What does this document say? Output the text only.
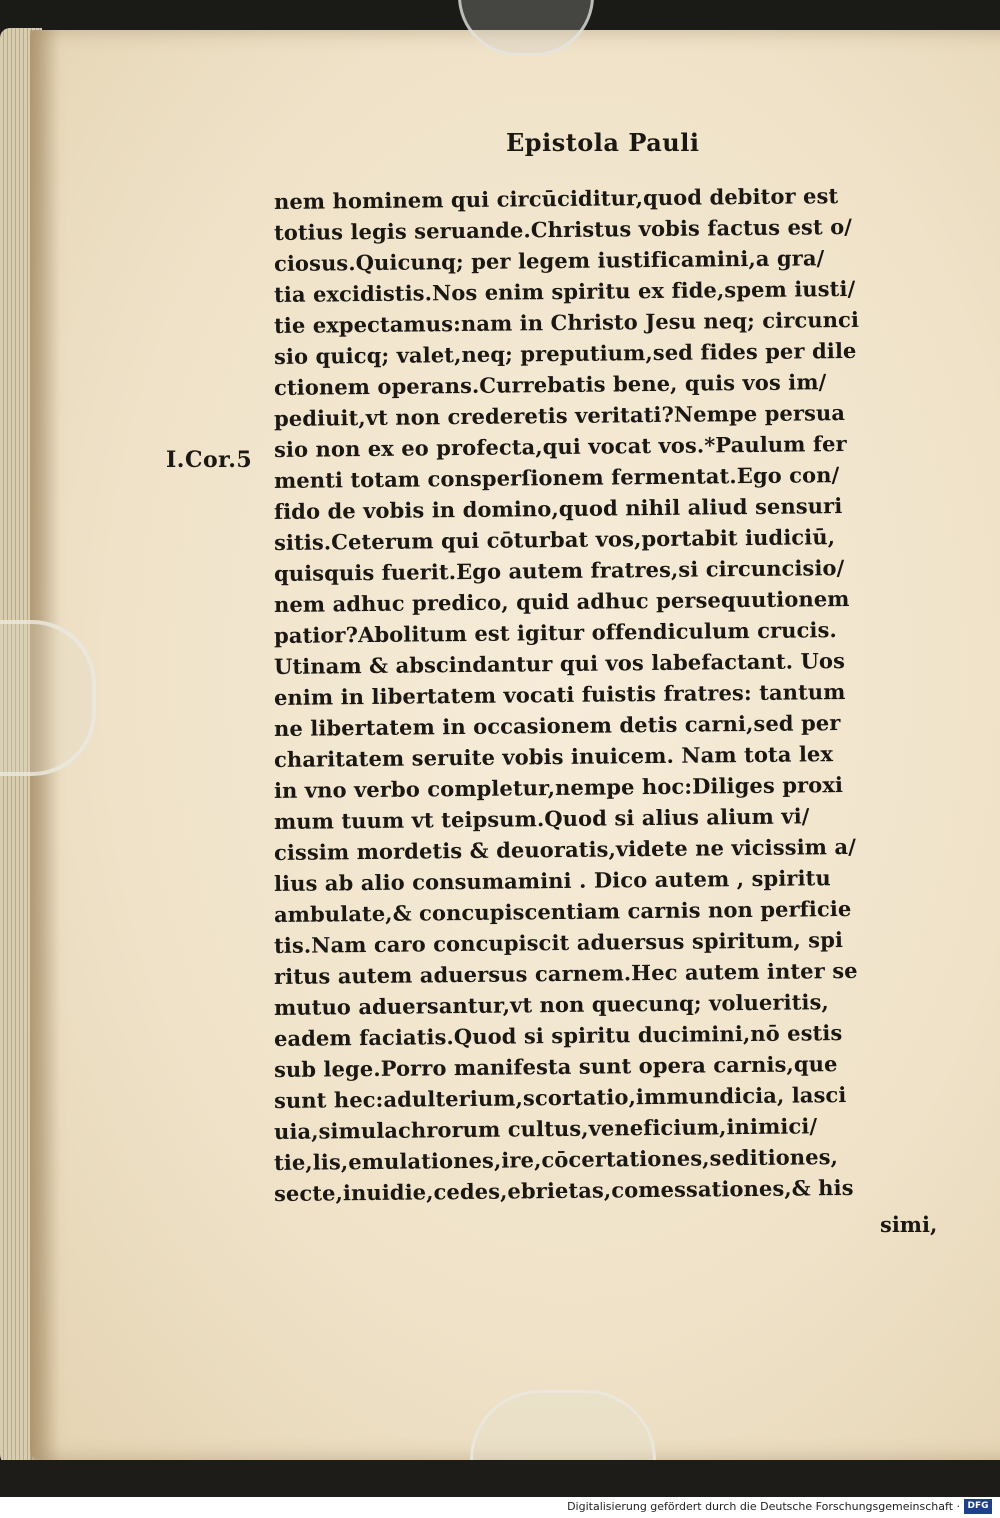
Epistola Pauli
I.Cor.5
nem hominem qui circūciditur,quod debitor est
totius legis seruande.Christus vobis factus est o/
ciosus.Quicunq; per legem iustificamini,a gra/
tia excidistis.Nos enim spiritu ex fide,spem iusti/
tie expectamus:nam in Christo Jesu neq; circunci
sio quicq; valet,neq; preputium,sed fides per dile
ctionem operans.Currebatis bene, quis vos im/
pediuit,vt non crederetis veritati?Nempe persua
sio non ex eo profecta,qui vocat vos.*Paulum fer
menti totam consperſionem fermentat.Ego con/
fido de vobis in domino,quod nihil aliud sensuri
sitis.Ceterum qui cōturbat vos,portabit iudiciū,
quisquis fuerit.Ego autem fratres,si circuncisio/
nem adhuc predico, quid adhuc persequutionem
patior?Abolitum est igitur offendiculum crucis.
Utinam & abscindantur qui vos labefactant. Uos
enim in libertatem vocati fuistis fratres: tantum
ne libertatem in occasionem detis carni,sed per
charitatem seruite vobis inuicem. Nam tota lex
in vno verbo completur,nempe hoc:Diliges proxi
mum tuum vt teipsum.Quod si alius alium vi/
cissim mordetis & deuoratis,videte ne vicissim a/
lius ab alio consumamini . Dico autem , spiritu
ambulate,& concupiscentiam carnis non perficie
tis.Nam caro concupiscit aduersus spiritum, spi
ritus autem aduersus carnem.Hec autem inter se
mutuo aduersantur,vt non quecunq; volueritis,
eadem faciatis.Quod si spiritu ducimini,nō estis
sub lege.Porro manifesta sunt opera carnis,que
sunt hec:adulterium,scortatio,immundicia, lasci
uia,simulachrorum cultus,veneficium,inimici/
tie,lis,emulationes,ire,cōcertationes,seditiones,
secte,inuidie,cedes,ebrietas,comessationes,& his
simi,
Digitalisierung gefördert durch die Deutsche Forschungsgemeinschaft · DFG
